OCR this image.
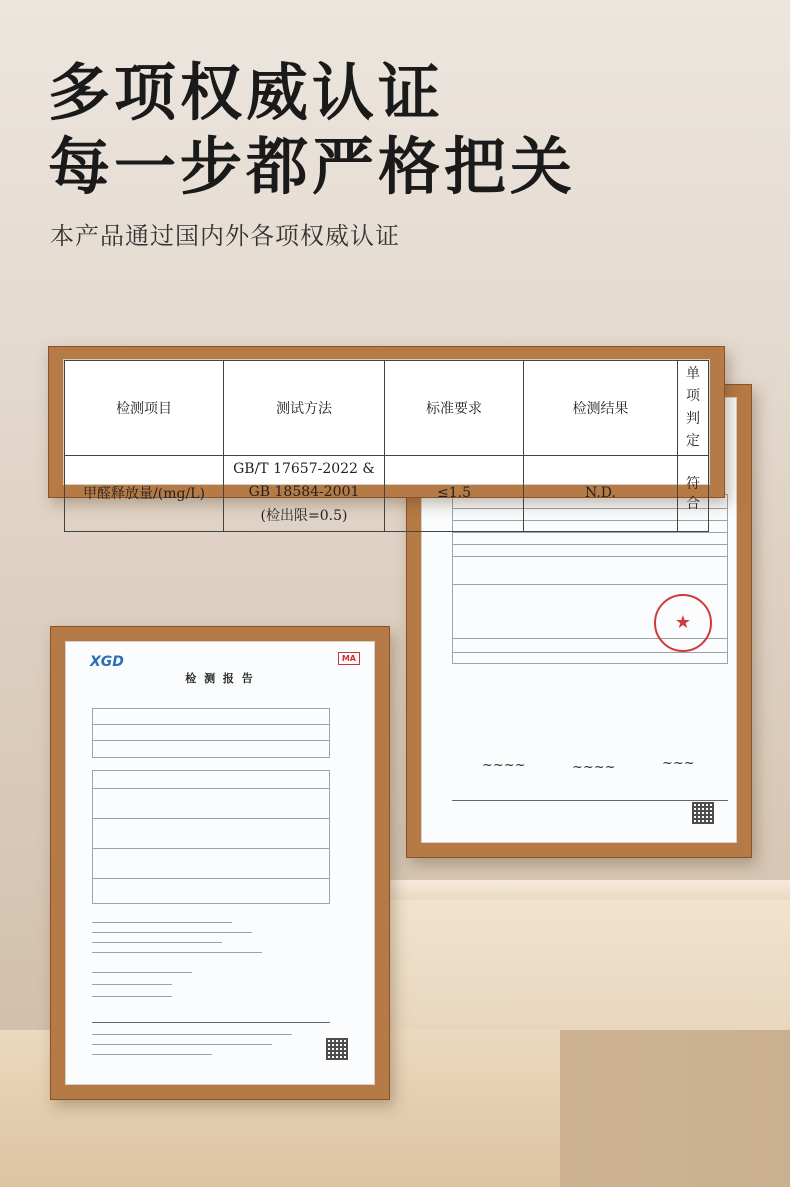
多项权威认证
每一步都严格把关
本产品通过国内外各项权威认证
★
~~~~	~~~~	~~~
检测项目	测试方法	标准要求	检测结果	单项
判定
甲醛释放量/(mg/L)	GB/T 17657-2022 &
GB 18584-2001
(检出限=0.5)	≤1.5	N.D.	符合
XGD	MA
检 测 报 告
